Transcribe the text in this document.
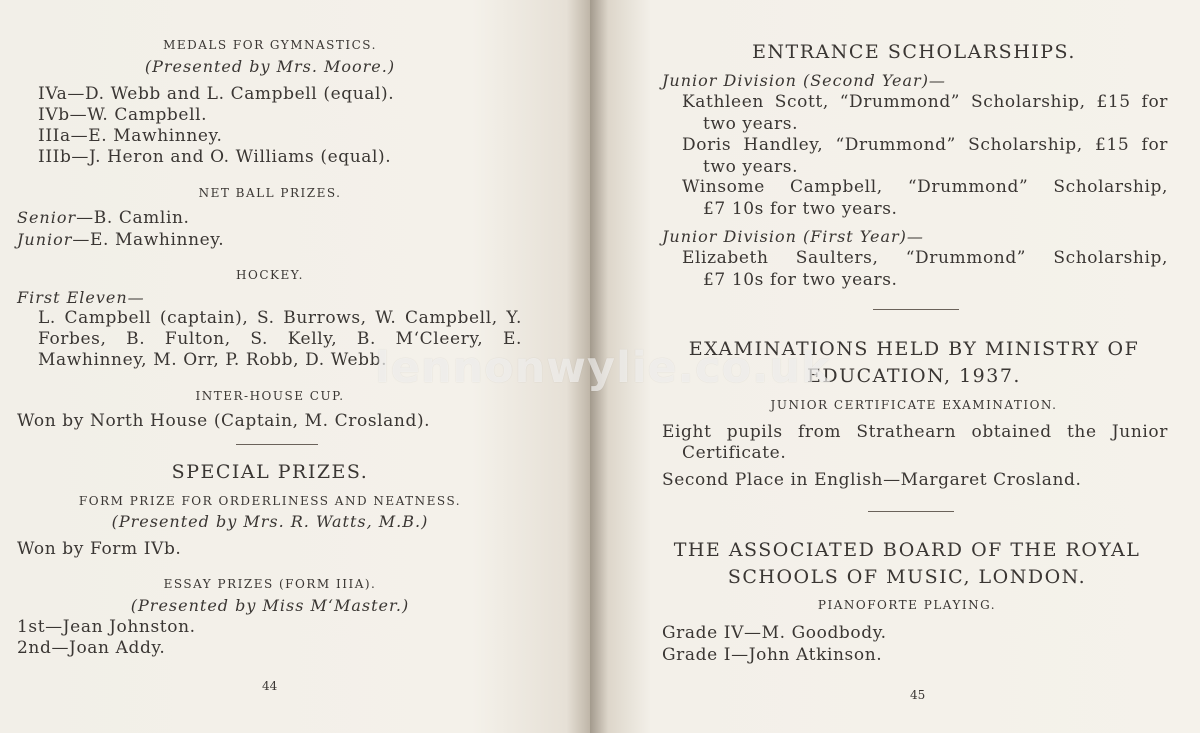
MEDALS FOR GYMNASTICS.
(Presented by Mrs. Moore.)
IVa—D. Webb and L. Campbell (equal).
IVb—W. Campbell.
IIIa—E. Mawhinney.
IIIb—J. Heron and O. Williams (equal).
NET BALL PRIZES.
Senior—B. Camlin.
Junior—E. Mawhinney.
HOCKEY.
First Eleven—
L. Campbell (captain), S. Burrows, W. Campbell, Y.
Forbes, B. Fulton, S. Kelly, B. M‘Cleery, E.
Mawhinney, M. Orr, P. Robb, D. Webb.
INTER-HOUSE CUP.
Won by North House (Captain, M. Crosland).
SPECIAL PRIZES.
FORM PRIZE FOR ORDERLINESS AND NEATNESS.
(Presented by Mrs. R. Watts, M.B.)
Won by Form IVb.
ESSAY PRIZES (FORM IIIA).
(Presented by Miss M‘Master.)
1st—Jean Johnston.
2nd—Joan Addy.
44
ENTRANCE SCHOLARSHIPS.
Junior Division (Second Year)—
Kathleen Scott, “Drummond” Scholarship, £15 for
two years.
Doris Handley, “Drummond” Scholarship, £15 for
two years.
Winsome Campbell, “Drummond” Scholarship,
£7 10s for two years.
Junior Division (First Year)—
Elizabeth Saulters, “Drummond” Scholarship,
£7 10s for two years.
EXAMINATIONS HELD BY MINISTRY OF
EDUCATION, 1937.
JUNIOR CERTIFICATE EXAMINATION.
Eight pupils from Strathearn obtained the Junior
Certificate.
Second Place in English—Margaret Crosland.
THE ASSOCIATED BOARD OF THE ROYAL
SCHOOLS OF MUSIC, LONDON.
PIANOFORTE PLAYING.
Grade IV—M. Goodbody.
Grade I—John Atkinson.
45
lennonwylie.co.uk
